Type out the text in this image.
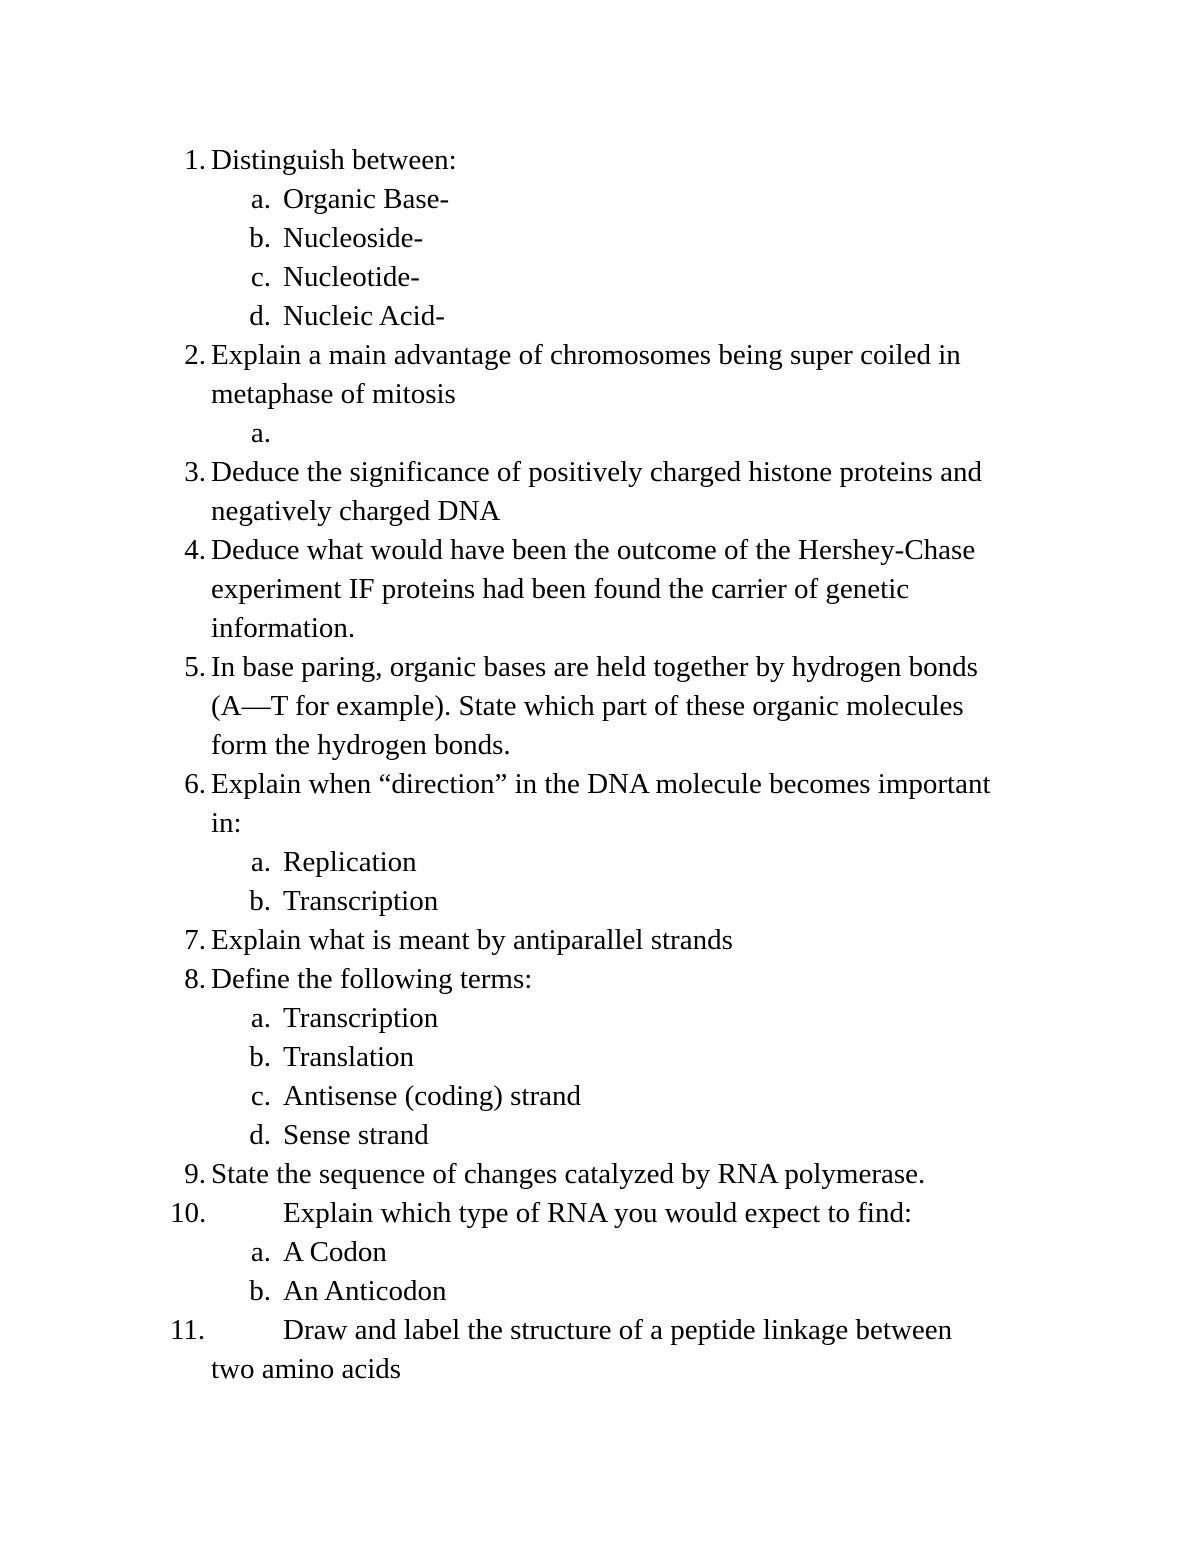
1. Distinguish between:
a. Organic Base-
b. Nucleoside-
c. Nucleotide-
d. Nucleic Acid-
2. Explain a main advantage of chromosomes being super coiled in
metaphase of mitosis
a.
3. Deduce the significance of positively charged histone proteins and
negatively charged DNA
4. Deduce what would have been the outcome of the Hershey-Chase
experiment IF proteins had been found the carrier of genetic
information.
5. In base paring, organic bases are held together by hydrogen bonds
(A—T for example). State which part of these organic molecules
form the hydrogen bonds.
6. Explain when “direction” in the DNA molecule becomes important
in:
a. Replication
b. Transcription
7. Explain what is meant by antiparallel strands
8. Define the following terms:
a. Transcription
b. Translation
c. Antisense (coding) strand
d. Sense strand
9. State the sequence of changes catalyzed by RNA polymerase.
10.	Explain which type of RNA you would expect to find:
a. A Codon
b. An Anticodon
11.	Draw and label the structure of a peptide linkage between
two amino acids
